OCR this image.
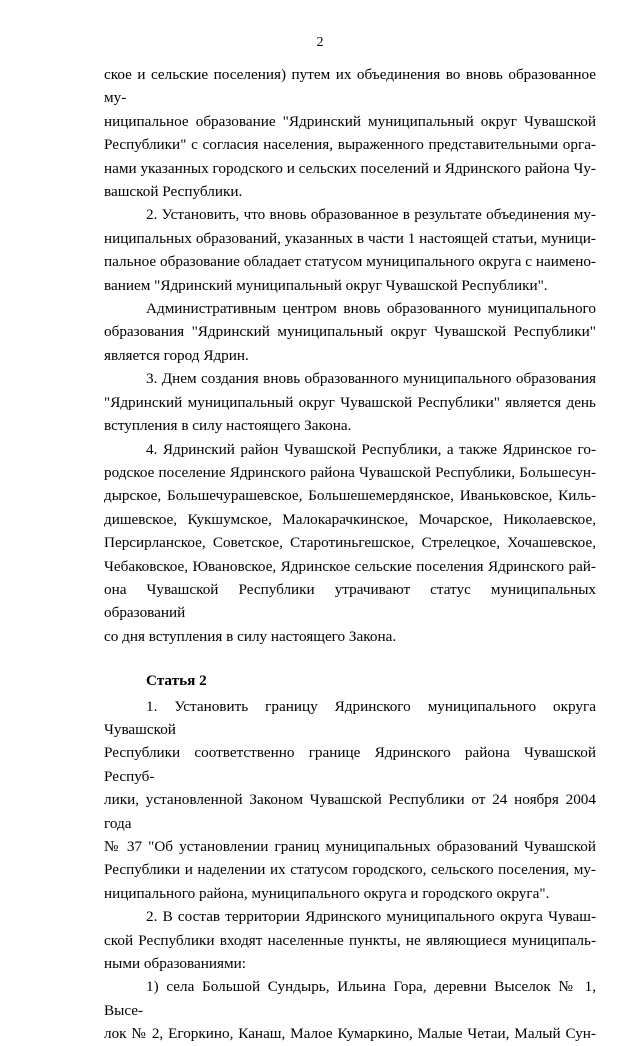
2

ское и сельские поселения) путем их объединения во вновь образованное му-

ниципальное образование "Ядринский муниципальный округ Чувашской

Республики" с согласия населения, выраженного представительными орга-

нами указанных городского и сельских поселений и Ядринского района Чу-

вашской Республики.

2. Установить, что вновь образованное в результате объединения му-

ниципальных образований, указанных в части 1 настоящей статьи, муници-

пальное образование обладает статусом муниципального округа с наимено-

ванием "Ядринский муниципальный округ Чувашской Республики".

Административным центром вновь образованного муниципального

образования "Ядринский муниципальный округ Чувашской Республики"

является город Ядрин.

3. Днем создания вновь образованного муниципального образования

"Ядринский муниципальный округ Чувашской Республики" является день

вступления в силу настоящего Закона.

4. Ядринский район Чувашской Республики, а также Ядринское го-

родское поселение Ядринского района Чувашской Республики, Большесун-

дырское, Большечурашевское, Большешемердянское, Иваньковское, Киль-

дишевское, Кукшумское, Малокарачкинское, Мочарское, Николаевское,

Персирланское, Советское, Старотиньгешское, Стрелецкое, Хочашевское,

Чебаковское, Ювановское, Ядринское сельские поселения Ядринского рай-

она Чувашской Республики утрачивают статус муниципальных образований

со дня вступления в силу настоящего Закона.

Статья 2

1. Установить границу Ядринского муниципального округа Чувашской

Республики соответственно границе Ядринского района Чувашской Респуб-

лики, установленной Законом Чувашской Республики от 24 ноября 2004 года

№ 37 "Об установлении границ муниципальных образований Чувашской

Республики и наделении их статусом городского, сельского поселения, му-

ниципального района, муниципального округа и городского округа".

2. В состав территории Ядринского муниципального округа Чуваш-

ской Республики входят населенные пункты, не являющиеся муниципаль-

ными образованиями:

1) села Большой Сундырь, Ильина Гора, деревни Выселок № 1, Высе-

лок № 2, Егоркино, Канаш, Малое Кумаркино, Малые Четаи, Малый Сун-
